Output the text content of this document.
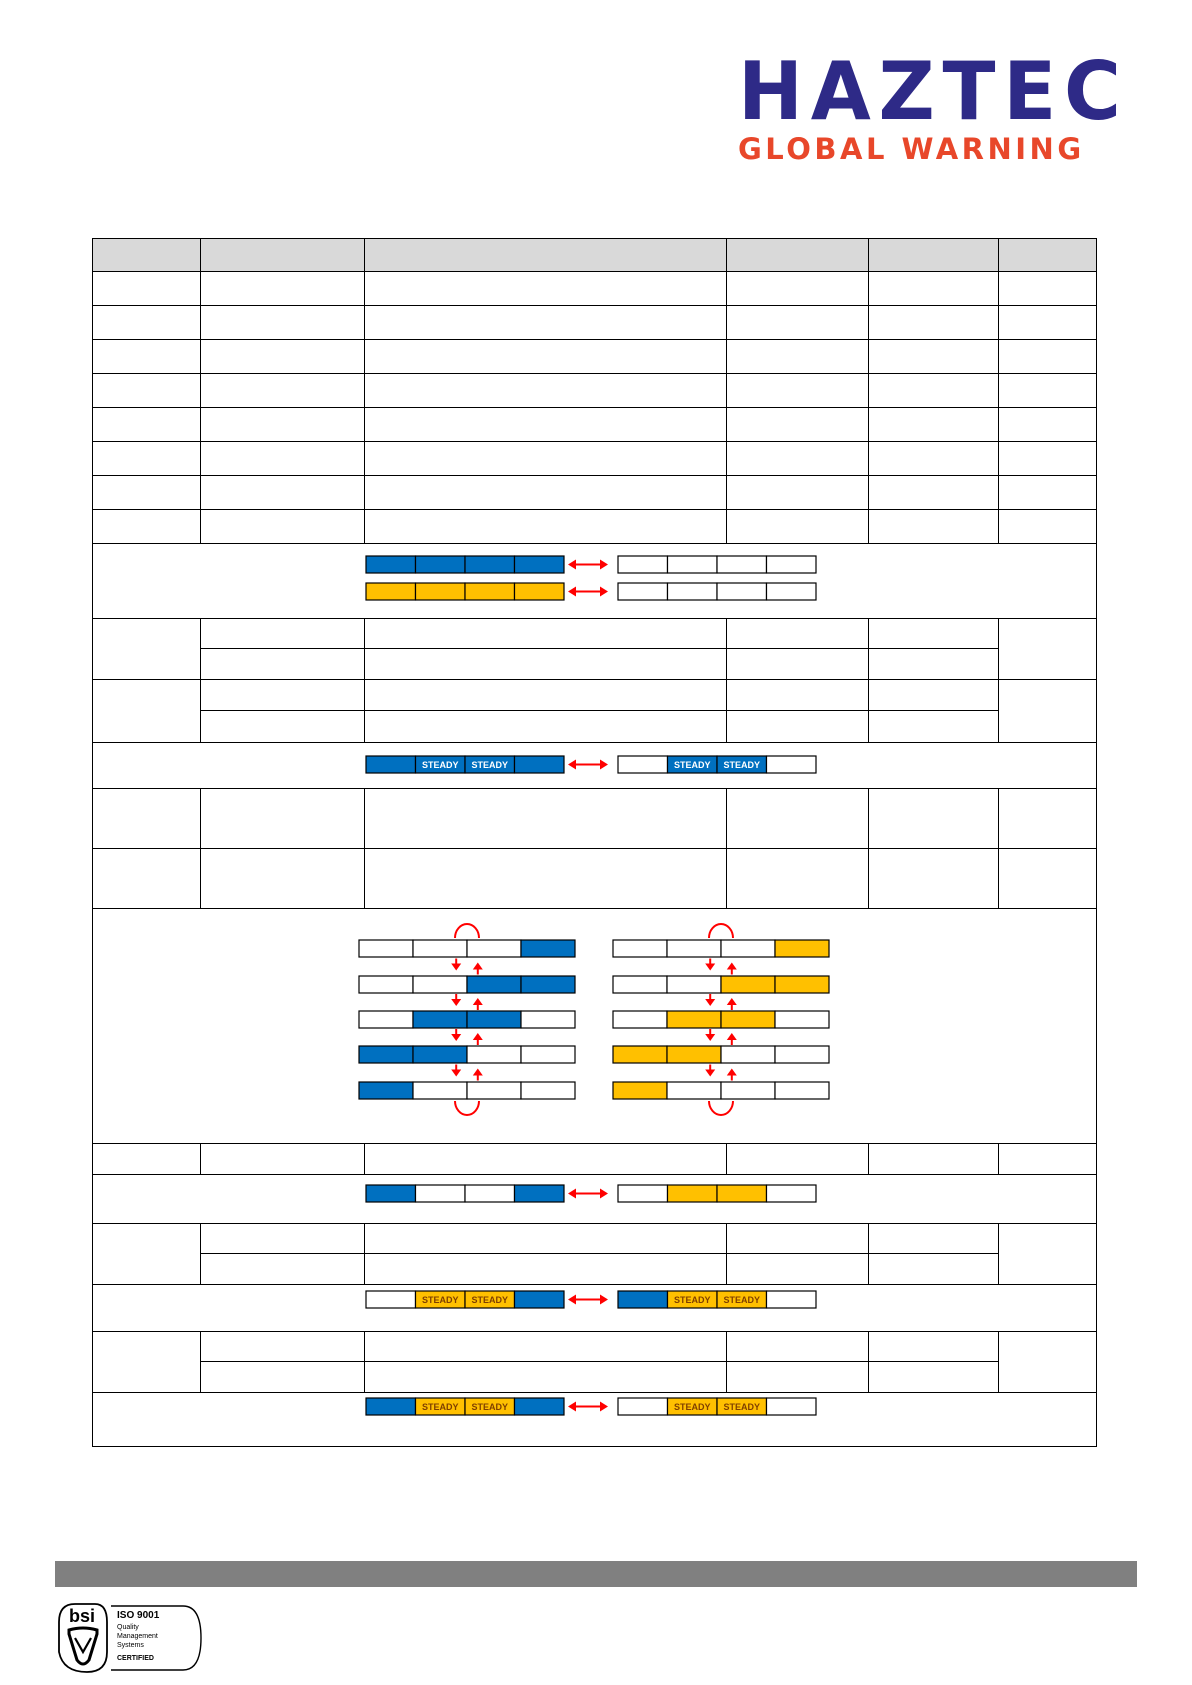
HAZTEC
GLOBAL WARNING
STEADY STEADY	STEADY STEADY
STEADY STEADY	STEADY STEADY
STEADY STEADY	STEADY STEADY
bsi ISO 9001
Quality
Management
Systems
CERTIFIED
